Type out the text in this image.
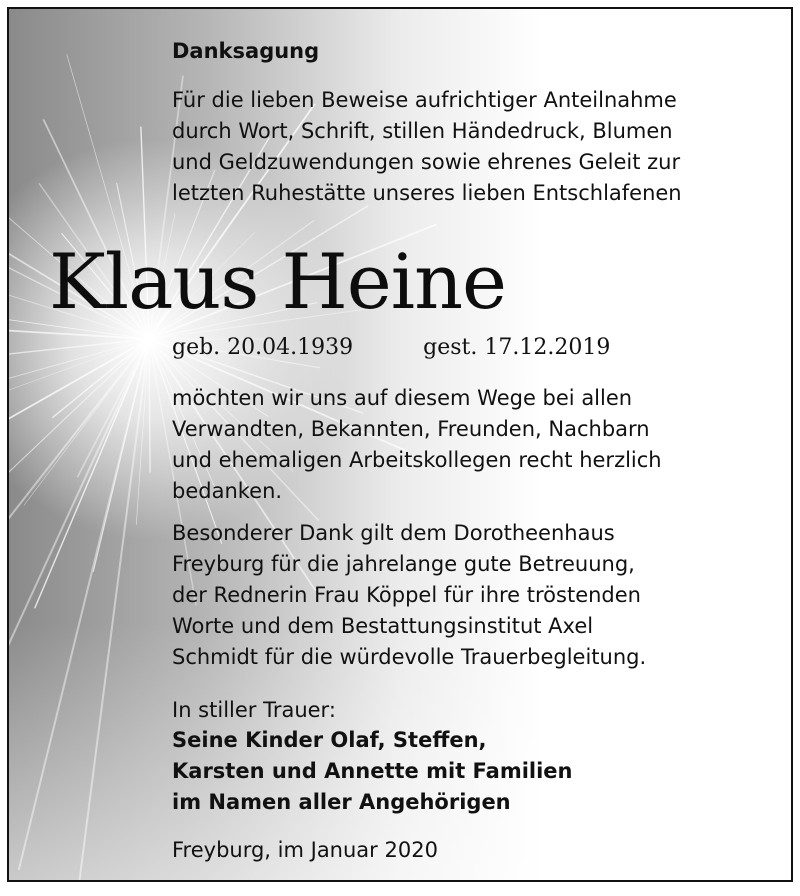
Danksagung
Für die lieben Beweise aufrichtiger Anteilnahme
durch Wort, Schrift, stillen Händedruck, Blumen
und Geldzuwendungen sowie ehrenes Geleit zur
letzten Ruhestätte unseres lieben Entschlafenen
Klaus Heine
geb. 20.04.1939	gest. 17.12.2019
möchten wir uns auf diesem Wege bei allen
Verwandten, Bekannten, Freunden, Nachbarn
und ehemaligen Arbeitskollegen recht herzlich
bedanken.
Besonderer Dank gilt dem Dorotheenhaus
Freyburg für die jahrelange gute Betreuung,
der Rednerin Frau Köppel für ihre tröstenden
Worte und dem Bestattungsinstitut Axel
Schmidt für die würdevolle Trauerbegleitung.
In stiller Trauer:
Seine Kinder Olaf, Steffen,
Karsten und Annette mit Familien
im Namen aller Angehörigen
Freyburg, im Januar 2020
